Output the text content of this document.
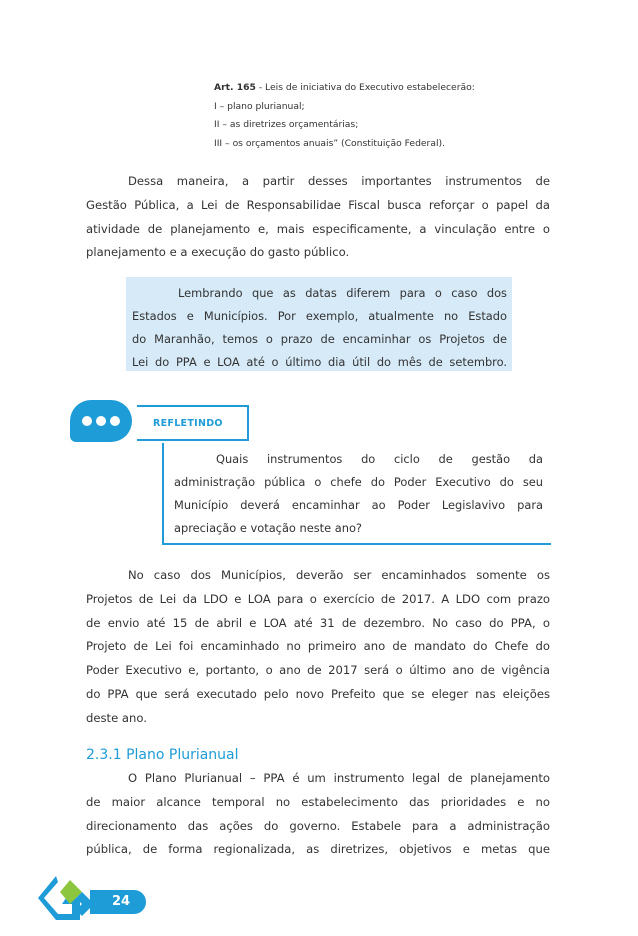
Art. 165 - Leis de iniciativa do Executivo estabelecerão:
I – plano plurianual;
II – as diretrizes orçamentárias;
III – os orçamentos anuais” (Constituição Federal).
Dessa maneira, a partir desses importantes instrumentos de
Gestão Pública, a Lei de Responsabilidae Fiscal busca reforçar o papel da
atividade de planejamento e, mais especificamente, a vinculação entre o
planejamento e a execução do gasto público.
Lembrando que as datas diferem para o caso dos
Estados e Municípios. Por exemplo, atualmente no Estado
do Maranhão, temos o prazo de encaminhar os Projetos de
Lei do PPA e LOA até o último dia útil do mês de setembro.
REFLETINDO
Quais instrumentos do ciclo de gestão da
administração pública o chefe do Poder Executivo do seu
Município deverá encaminhar ao Poder Legislavivo para
apreciação e votação neste ano?
No caso dos Municípios, deverão ser encaminhados somente os
Projetos de Lei da LDO e LOA para o exercício de 2017. A LDO com prazo
de envio até 15 de abril e LOA até 31 de dezembro. No caso do PPA, o
Projeto de Lei foi encaminhado no primeiro ano de mandato do Chefe do
Poder Executivo e, portanto, o ano de 2017 será o último ano de vigência
do PPA que será executado pelo novo Prefeito que se eleger nas eleições
deste ano.
2.3.1 Plano Plurianual
O Plano Plurianual – PPA é um instrumento legal de planejamento
de maior alcance temporal no estabelecimento das prioridades e no
direcionamento das ações do governo. Estabele para a administração
pública, de forma regionalizada, as diretrizes, objetivos e metas que
24
